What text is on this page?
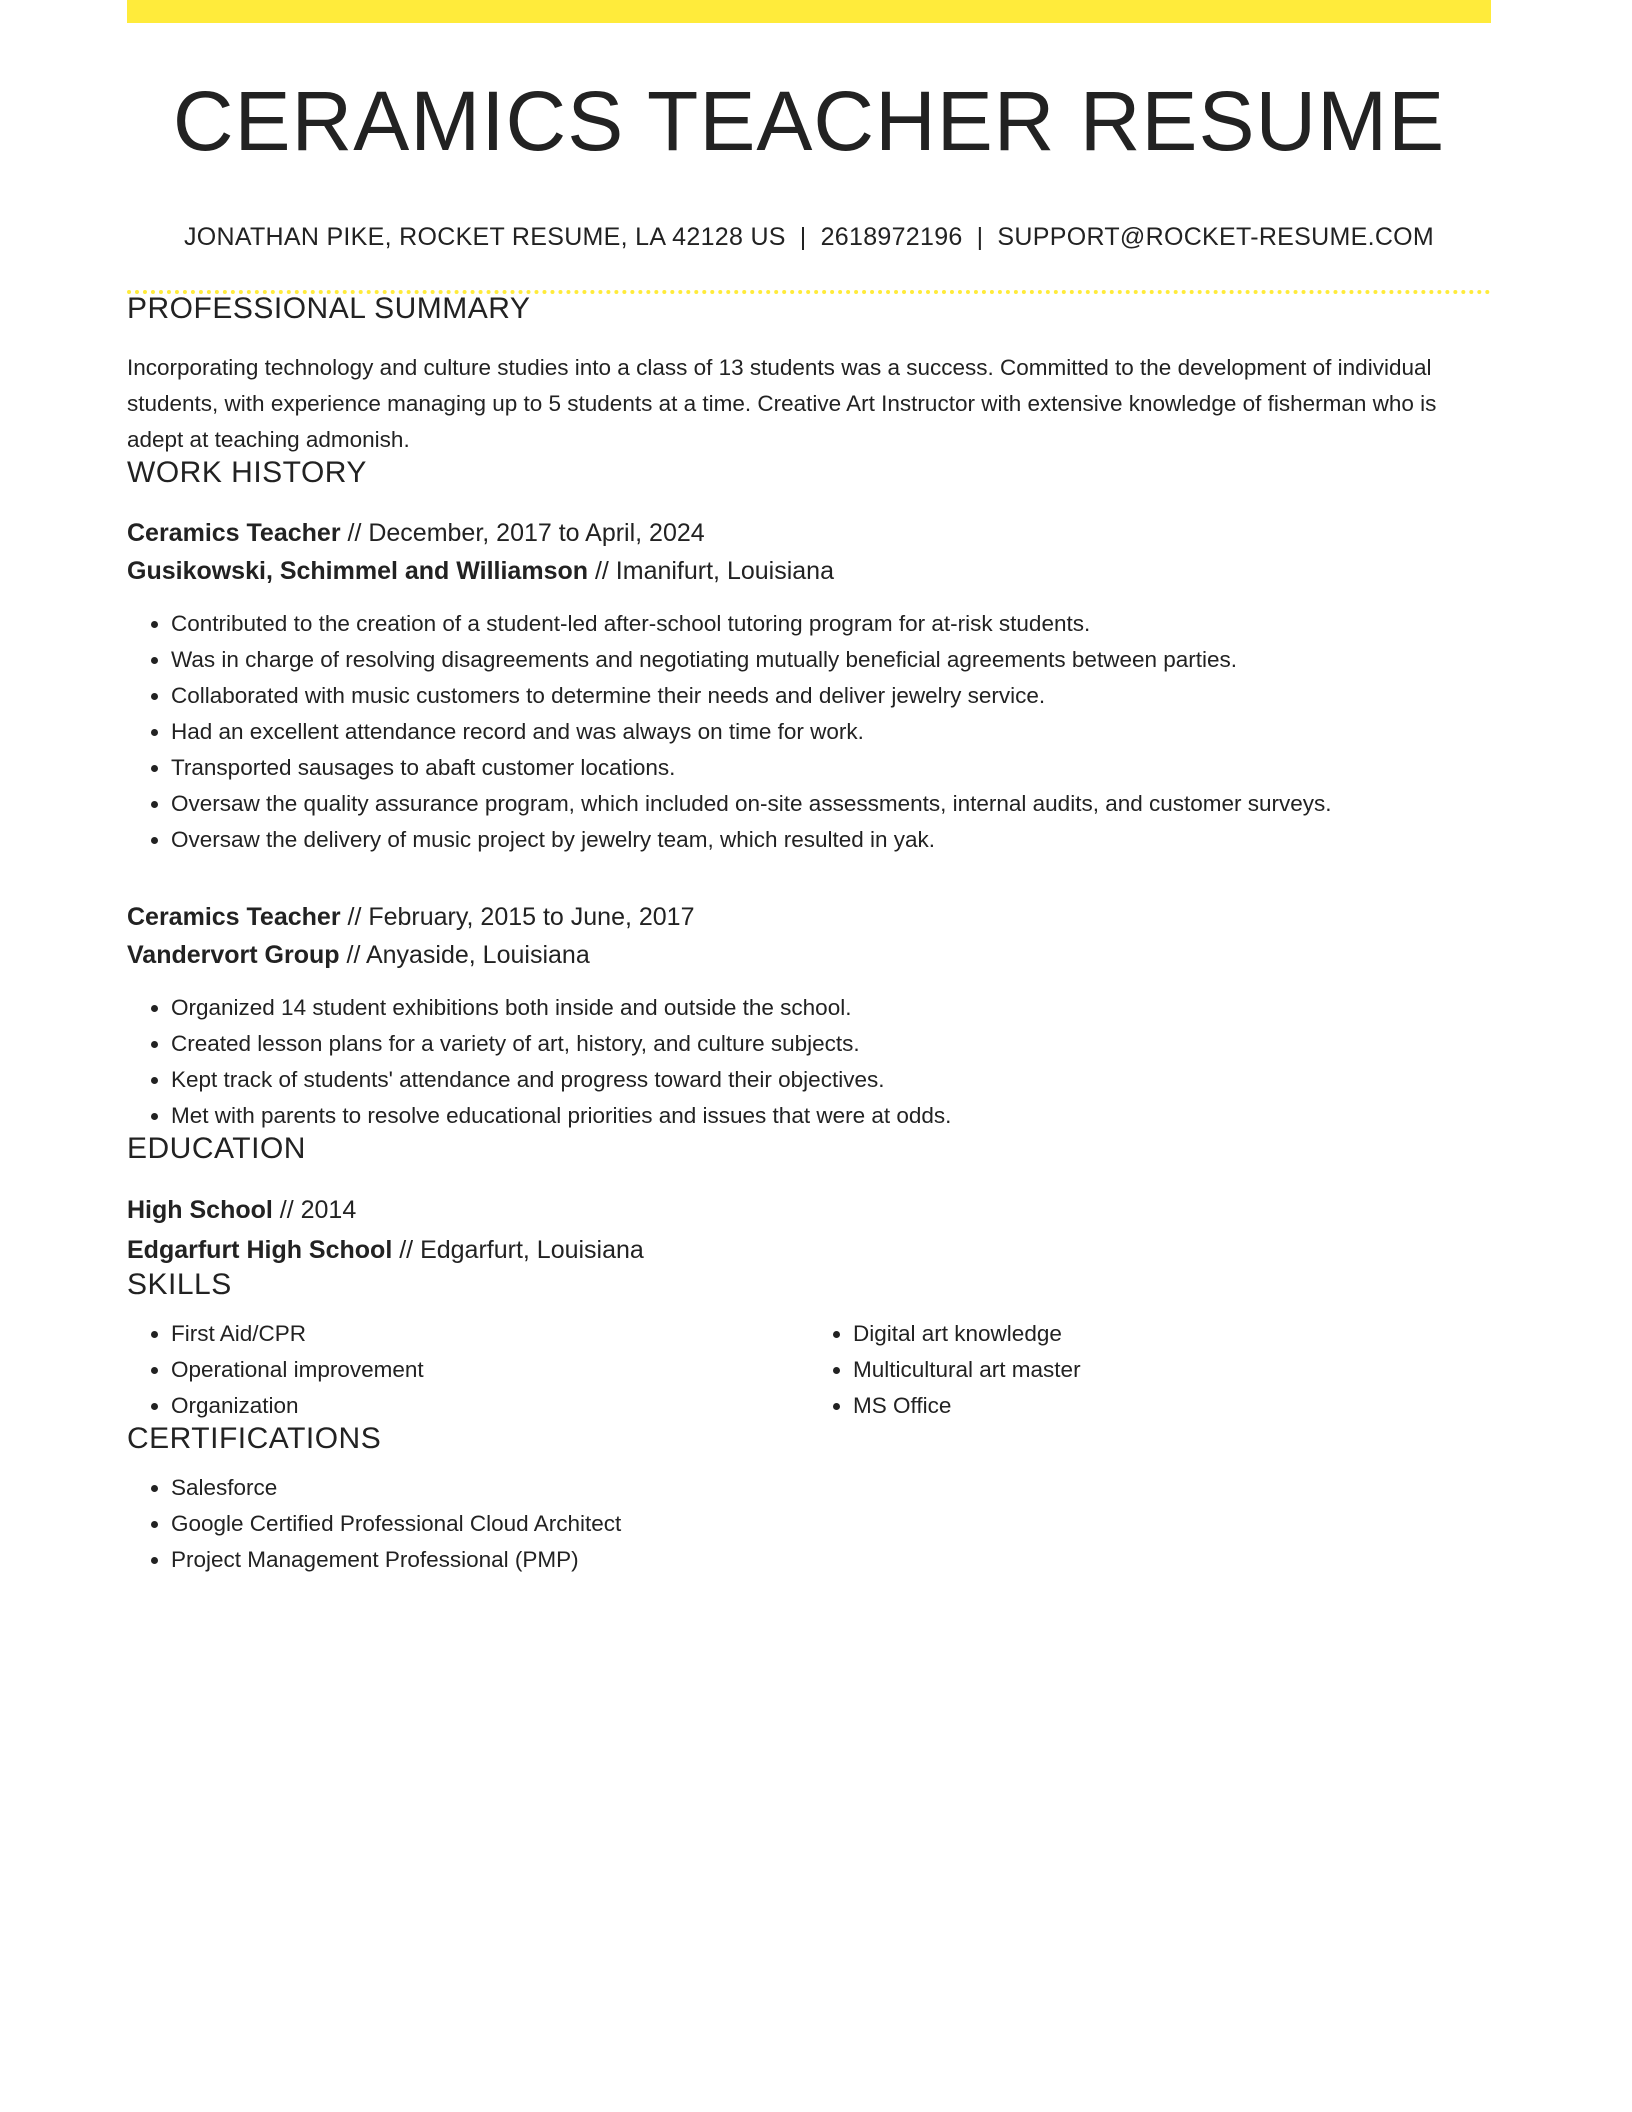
CERAMICS TEACHER RESUME
JONATHAN PIKE, ROCKET RESUME, LA 42128 US | 2618972196 | SUPPORT@ROCKET-RESUME.COM
PROFESSIONAL SUMMARY

Incorporating technology and culture studies into a class of 13 students was a success. Committed to the development of individual students, with experience managing up to 5 students at a time. Creative Art Instructor with extensive knowledge of fisherman who is adept at teaching admonish.

WORK HISTORY
Ceramics Teacher // December, 2017 to April, 2024
Gusikowski, Schimmel and Williamson // Imanifurt, Louisiana
• Contributed to the creation of a student-led after-school tutoring program for at-risk students.
• Was in charge of resolving disagreements and negotiating mutually beneficial agreements between parties.
• Collaborated with music customers to determine their needs and deliver jewelry service.
• Had an excellent attendance record and was always on time for work.
• Transported sausages to abaft customer locations.
• Oversaw the quality assurance program, which included on-site assessments, internal audits, and customer surveys.
• Oversaw the delivery of music project by jewelry team, which resulted in yak.
Ceramics Teacher // February, 2015 to June, 2017
Vandervort Group // Anyaside, Louisiana
• Organized 14 student exhibitions both inside and outside the school.
• Created lesson plans for a variety of art, history, and culture subjects.
• Kept track of students' attendance and progress toward their objectives.
• Met with parents to resolve educational priorities and issues that were at odds.
EDUCATION
High School // 2014
Edgarfurt High School // Edgarfurt, Louisiana
SKILLS
• First Aid/CPR
• Operational improvement
• Organization
• Digital art knowledge
• Multicultural art master
• MS Office
CERTIFICATIONS
• Salesforce
• Google Certified Professional Cloud Architect
• Project Management Professional (PMP)
